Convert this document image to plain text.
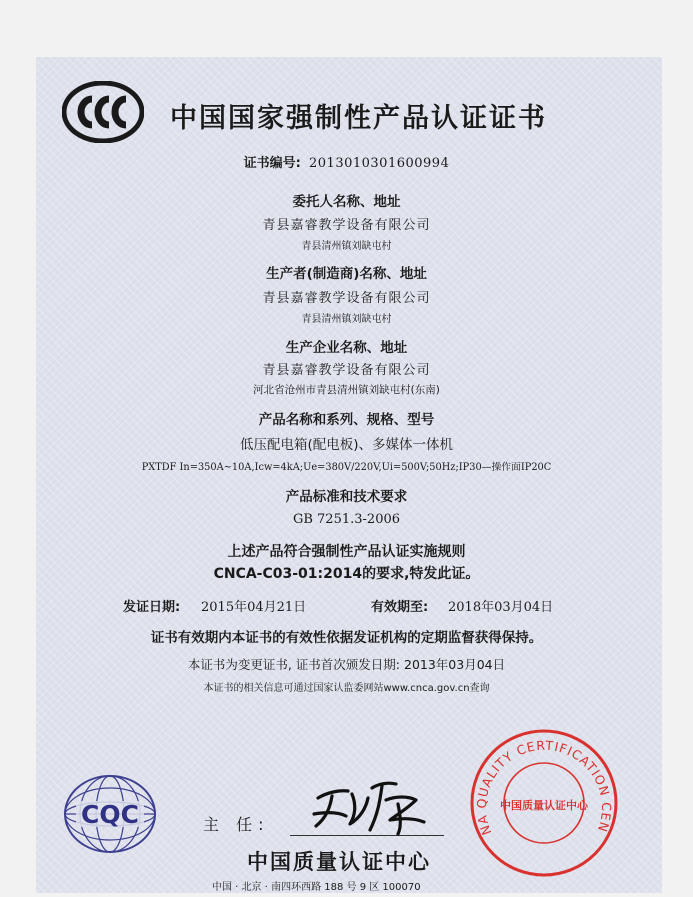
中国国家强制性产品认证证书
证书编号: 2013010301600994
委托人名称、地址
青县嘉睿教学设备有限公司
青县清州镇刘缺屯村
生产者(制造商)名称、地址
青县嘉睿教学设备有限公司
青县清州镇刘缺屯村
生产企业名称、地址
青县嘉睿教学设备有限公司
河北省沧州市青县清州镇刘缺屯村(东南)
产品名称和系列、规格、型号
低压配电箱(配电板)、多媒体一体机
PXTDF In=350A~10A,Icw=4kA;Ue=380V/220V,Ui=500V;50Hz;IP30—操作面IP20C
产品标准和技术要求
GB 7251.3-2006
上述产品符合强制性产品认证实施规则
CNCA-C03-01:2014的要求,特发此证。
发证日期: 2015年04月21日	有效期至: 2018年03月04日
证书有效期内本证书的有效性依据发证机构的定期监督获得保持。
本证书为变更证书, 证书首次颁发日期: 2013年03月04日
本证书的相关信息可通过国家认监委网站www.cnca.gov.cn查询
CQC	主 任:
中国质量认证中心
中国 · 北京 · 南四环西路 188 号 9 区 100070
NA QUALITY CERTIFICATION CEN
中国质量认证中心
